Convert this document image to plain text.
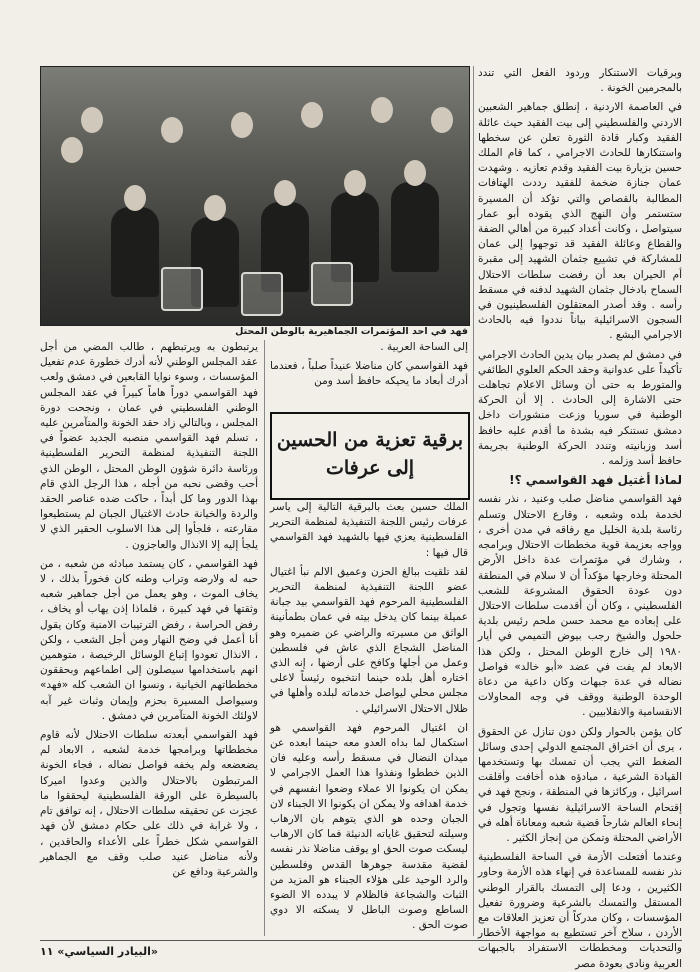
فهد في احد المؤتمرات الجماهيرية بالوطن المحتل

وبرقيات الاستنكار وردود الفعل التي تندد بالمجرمين الخونة .

في العاصمة الاردنية ، إنطلق جماهير الشعبين الاردني والفلسطيني إلى بيت الفقيد حيث عائلة الفقيد وكبار قادة الثورة تعلن عن سخطها واستنكارها للحادث الاجرامي ، كما قام الملك حسين بزيارة بيت الفقيد وقدم تعازيه . وشهدت عمان جنازة ضخمة للفقيد رددت الهتافات المطالبة بالقصاص والتي تؤكد أن المسيرة ستستمر وأن النهج الذي يقوده أبو عمار سيتواصل ، وكانت أعداد كبيرة من أهالي الضفة والقطاع وعائلة الفقيد قد توجهوا إلى عمان للمشاركة في تشييع جثمان الشهيد إلى مقبرة أم الحيران بعد أن رفضت سلطات الاحتلال السماح بادخال جثمان الشهيد لدفنه في مسقط رأسه . وقد أصدر المعتقلون الفلسطينيون في السجون الاسرائيلية بياناً نددوا فيه بالحادث الاجرامي البشع .

في دمشق لم يصدر بيان يدين الحادث الاجرامي تأكيداً على عدوانية وحقد الحكم العلوي الطائفي والمتورط به حتى أن وسائل الاعلام تجاهلت حتى الاشارة إلى الحادث . إلا أن الحركة الوطنية في سوريا وزعت منشورات داخل دمشق تستنكر فيه بشدة ما أقدم عليه حافظ أسد وزبانيته وتندد الحركة الوطنية بجريمة حافظ أسد وزلمه .

لماذا أغتيل فهد القواسمي ؟!

فهد القواسمي مناضل صلب وعنيد ، نذر نفسه لخدمة بلده وشعبه ، وقارع الاحتلال وتسلم رئاسة بلدية الخليل مع رفاقه في مدن أخرى ، وواجه بعزيمة قوية مخططات الاحتلال وبرامجه ، وشارك في مؤتمرات عدة داخل الأرض المحتلة وخارجها مؤكداً أن لا سلام في المنطقة دون عودة الحقوق المشروعة للشعب الفلسطيني ، وكان أن أقدمت سلطات الاحتلال على إبعاده مع محمد حسن ملحم رئيس بلدية حلحول والشيخ رجب بيوض التميمي في أيار ١٩٨٠ إلى خارج الوطن المحتل ، ولكن هذا الابعاد لم يفت في عضد «أبو خالد» فواصل نضاله في عدة جبهات وكان داعية من دعاة الوحدة الوطنية ووقف في وجه المحاولات الانقسامية والانقلابيين .

كان يؤمن بالحوار ولكن دون تنازل عن الحقوق ، يرى أن اختراق المجتمع الدولي إحدى وسائل الضغط التي يجب أن تمسك بها وتستخدمها القيادة الشرعية ، مبادؤه هذه أخافت وأقلقت اسرائيل ، وركائزها في المنطقة ، ونجح فهد في إقتحام الساحة الاسرائيلية نفسها وتجول في إنحاء العالم شارحاً قضية شعبه ومعاناة أهله في الأراضي المحتلة وتمكن من إنجاز الكثير .

وعندما أفتعلت الأزمة في الساحة الفلسطينية نذر نفسه للمساعدة في إنهاء هذه الأزمة وحاور الكثيرين ، ودعا إلى التمسك بالقرار الوطني المستقل والتمسك بالشرعية وضرورة تفعيل المؤسسات ، وكان مدركاً أن تعزيز العلاقات مع الأردن ، سلاح آخر تستطيع به مواجهة الأخطار والتحديات ومخططات الاستفراد بالجبهات العربية ونادى بعودة مصر

إلى الساحة العربية .

فهد القواسمي كان مناضلا عنيداً صلباً ، فعندما أدرك أبعاد ما يحيكه حافظ أسد ومن

برقية تعزية من الحسين إلى عرفات

الملك حسين بعث بالبرقية التالية إلى ياسر عرفات رئيس اللجنة التنفيذية لمنظمة التحرير الفلسطينية يعزي فيها بالشهيد فهد القواسمي قال فيها :

لقد تلقيت ببالغ الحزن وعميق الالم نبأ اغتيال عضو اللجنة التنفيذية لمنظمة التحرير الفلسطينية المرحوم فهد القواسمي بيد جبانة عميلة بينما كان يدخل بيته في عمان بطمأنينة الواثق من مسيرته والراضي عن ضميره وهو المناضل الشجاع الذي عاش في فلسطين وعمل من أجلها وكافح على أرضها ، إنه الذي اختاره أهل بلده حينما انتخبوه رئيساً لاعلى مجلس محلي ليواصل خدماته لبلده وأهلها في ظلال الاحتلال الاسرائيلي .

ان اغتيال المرحوم فهد القواسمي هو استكمال لما بداه العدو معه حينما ابعده عن ميدان النضال في مسقط رأسه وعليه فان الذين خططوا ونفذوا هذا العمل الاجرامي لا يمكن ان يكونوا الا عملاء وضعوا انفسهم في خدمة اهدافه ولا يمكن ان يكونوا الا الجبناء لان الجبان وحده هو الذي يتوهم بان الارهاب وسيلته لتحقيق غاياته الدنيئة فما كان الارهاب ليسكت صوت الحق او يوقف مناضلا نذر نفسه لقضية مقدسة جوهرها القدس وفلسطين والرد الوحيد على هؤلاء الجبناء هو المزيد من الثبات والشجاعة فالظلام لا يبدده الا الضوء الساطع وصوت الباطل لا يسكته الا دوي صوت الحق .

يرتبطون به ويرتبطهم ، طالب المضي من أجل عقد المجلس الوطني لأنه أدرك خطورة عدم تفعيل المؤسسات ، وسوء نوايا القابعين في دمشق ولعب فهد القواسمي دوراً هاماً كبيراً في عقد المجلس الوطني الفلسطيني في عمان ، ونجحت دورة المجلس ، وبالتالي زاد حقد الخونة والمتآمرين عليه ، تسلم فهد القواسمي منصبه الجديد عضواً في اللجنة التنفيذية لمنظمة التحرير الفلسطينية ورئاسة دائرة شؤون الوطن المحتل ، الوطن الذي أحب وقضى نحبه من أجله ، هذا الرجل الذي قام بهذا الدور وما كل أبداً ، حاكت ضده عناصر الحقد والردة والخيانة حادث الاغتيال الجبان لم يستطيعوا مقارعته ، فلجأوا إلى هذا الاسلوب الحقير الذي لا يلجأ إليه إلا الانذال والعاجزون .

فهد القواسمي ، كان يستمد مبادئه من شعبه ، من حبه له ولارضه وتراب وطنه كان فخوراً بذلك ، لا يخاف الموت ، وهو يعمل من أجل جماهير شعبه وثقتها في فهد كبيرة ، فلماذا إذن يهاب أو يخاف ، رفض الحراسة ، رفض الترتيبات الامنية وكان يقول أنا أعمل في وضح النهار ومن أجل الشعب ، ولكن ، الانذال تعودوا إتباع الوسائل الرخيصة ، متوهمين انهم باستخدامها سيصلون إلى اطماعهم وبحققون مخططاتهم الخيانية ، ونسوا ان الشعب كله «فهد» وسيواصل المسيرة بحزم وإيمان وثبات غير آبه لاولئك الخونة المتآمرين في دمشق .

فهد القواسمي أبعدته سلطات الاحتلال لأنه قاوم مخططاتها وبرامجها خدمة لشعبه ، الابعاد لم يضعضعه ولم يخفه فواصل نضاله ، فجاء الخونة المرتبطون بالاحتلال والذين وعدوا اميركا بالسيطرة على الورقة الفلسطينية ليحققوا ما عجزت عن تحقيقه سلطات الاحتلال ، إنه توافق تام ، ولا غرابة في ذلك على حكام دمشق لأن فهد القواسمي شكل خطراً على الأعداء والحاقدين ، ولأنه مناضل عنيد صلب وقف مع الجماهير والشرعية ودافع عن

«البيادر السياسي» ١١
